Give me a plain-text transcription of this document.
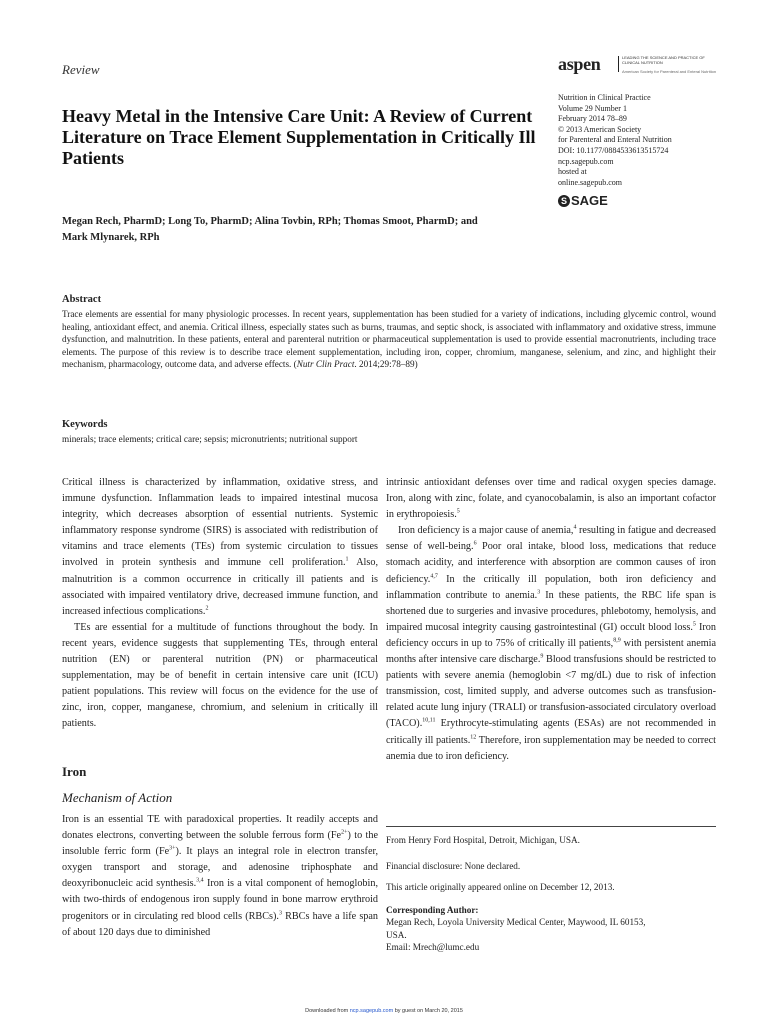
Review	aspen	LEADING THE SCIENCE AND PRACTICE OF CLINICAL NUTRITION
American Society for Parenteral and Enteral Nutrition
Heavy Metal in the Intensive Care Unit: A Review of Current Literature on Trace Element Supplementation in Critically Ill Patients
Nutrition in Clinical Practice
Volume 29 Number 1
February 2014 78–89
© 2013 American Society
for Parenteral and Enteral Nutrition
DOI: 10.1177/0884533613515724
ncp.sagepub.com
hosted at
online.sagepub.com
S SAGE
Megan Rech, PharmD; Long To, PharmD; Alina Tovbin, RPh; Thomas Smoot, PharmD; and Mark Mlynarek, RPh
Abstract
Trace elements are essential for many physiologic processes. In recent years, supplementation has been studied for a variety of indications, including glycemic control, wound healing, antioxidant effect, and anemia. Critical illness, especially states such as burns, traumas, and septic shock, is associated with inflammatory and oxidative stress, immune dysfunction, and malnutrition. In these patients, enteral and parenteral nutrition or pharmaceutical supplementation is used to provide essential macronutrients, including trace elements. The purpose of this review is to describe trace element supplementation, including iron, copper, chromium, manganese, selenium, and zinc, and highlight their mechanism, pharmacology, outcome data, and adverse effects. (Nutr Clin Pract. 2014;29:78–89)
Keywords
minerals; trace elements; critical care; sepsis; micronutrients; nutritional support

Critical illness is characterized by inflammation, oxidative stress, and immune dysfunction. Inflammation leads to impaired intestinal mucosa integrity, which decreases absorption of essential nutrients. Systemic inflammatory response syndrome (SIRS) is associated with redistribution of vitamins and trace elements (TEs) from systemic circulation to tissues involved in protein synthesis and immune cell proliferation.$^1$ Also, malnutrition is a common occurrence in critically ill patients and is associated with impaired ventilatory drive, decreased immune function, and increased infectious complications.$^2$

TEs are essential for a multitude of functions throughout the body. In recent years, evidence suggests that supplementing TEs, through enteral nutrition (EN) or parenteral nutrition (PN) or pharmaceutical supplementation, may be of benefit in certain intensive care unit (ICU) patient populations. This review will focus on the evidence for the use of zinc, iron, copper, manganese, chromium, and selenium in critically ill patients.

Iron
Mechanism of Action

Iron is an essential TE with paradoxical properties. It readily accepts and donates electrons, converting between the soluble ferrous form $(Fe^{2+})$ to the insoluble ferric form $(Fe^{3+})$. It plays an integral role in electron transfer, oxygen transport and storage, and adenosine triphosphate and deoxyribonucleic acid synthesis.$^{3,4}$ Iron is a vital component of hemoglobin, with two-thirds of endogenous iron supply found in bone marrow erythroid progenitors or in circulating red blood cells (RBCs).$^3$ RBCs have a life span of about 120 days due to diminished

intrinsic antioxidant defenses over time and radical oxygen species damage. Iron, along with zinc, folate, and cyanocobalamin, is also an important cofactor in erythropoiesis.$^5$

Iron deficiency is a major cause of anemia,$^4$ resulting in fatigue and decreased sense of well-being.$^6$ Poor oral intake, blood loss, medications that reduce stomach acidity, and interference with absorption are common causes of iron deficiency.$^{4,7}$ In the critically ill population, both iron deficiency and inflammation contribute to anemia.$^3$ In these patients, the RBC life span is shortened due to surgeries and invasive procedures, phlebotomy, hemolysis, and impaired mucosal integrity causing gastrointestinal (GI) occult blood loss.$^5$ Iron deficiency occurs in up to 75% of critically ill patients,$^{8,9}$ with persistent anemia months after intensive care discharge.$^9$ Blood transfusions should be restricted to patients with severe anemia (hemoglobin <7 mg/dL) due to risk of infection transmission, cost, limited supply, and adverse outcomes such as transfusion-related acute lung injury (TRALI) or transfusion-associated circulatory overload (TACO).$^{10,11}$ Erythrocyte-stimulating agents (ESAs) are not recommended in critically ill patients.$^{12}$ Therefore, iron supplementation may be needed to correct anemia due to iron deficiency.

From Henry Ford Hospital, Detroit, Michigan, USA.
Financial disclosure: None declared.
This article originally appeared online on December 12, 2013.
Corresponding Author:
Megan Rech, Loyola University Medical Center, Maywood, IL 60153,
USA.
Email: Mrech@lumc.edu
Downloaded from ncp.sagepub.com by guest on March 20, 2015
